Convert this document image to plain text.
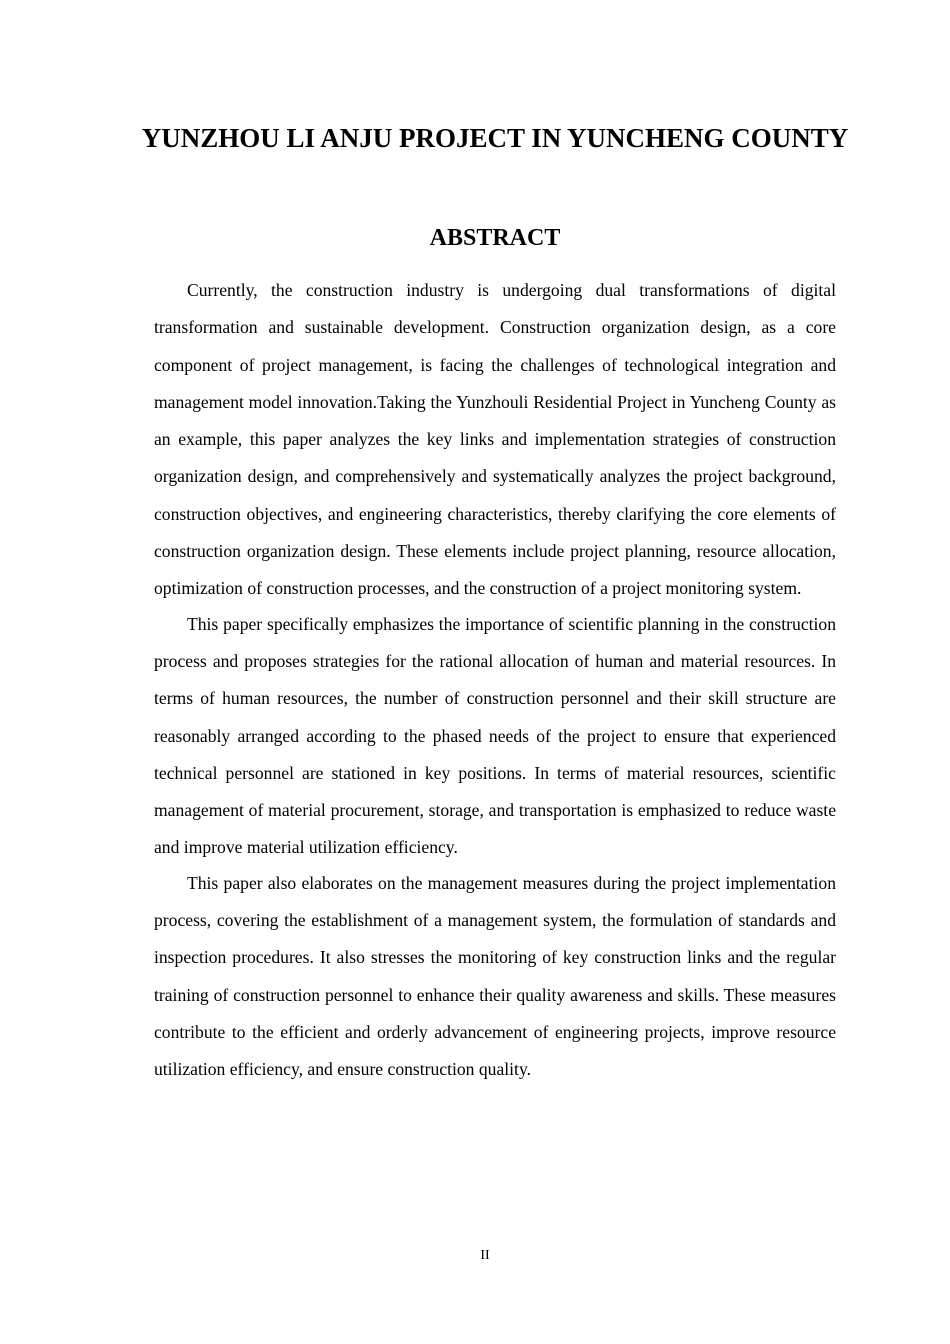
YUNZHOU LI ANJU PROJECT IN YUNCHENG COUNTY
ABSTRACT

Currently, the construction industry is undergoing dual transformations of digital transformation and sustainable development. Construction organization design, as a core component of project management, is facing the challenges of technological integration and management model innovation.Taking the Yunzhouli Residential Project in Yuncheng County as an example, this paper analyzes the key links and implementation strategies of construction organization design, and comprehensively and systematically analyzes the project background, construction objectives, and engineering characteristics, thereby clarifying the core elements of construction organization design. These elements include project planning, resource allocation, optimization of construction processes, and the construction of a project monitoring system.

This paper specifically emphasizes the importance of scientific planning in the construction process and proposes strategies for the rational allocation of human and material resources. In terms of human resources, the number of construction personnel and their skill structure are reasonably arranged according to the phased needs of the project to ensure that experienced technical personnel are stationed in key positions. In terms of material resources, scientific management of material procurement, storage, and transportation is emphasized to reduce waste and improve material utilization efficiency.

This paper also elaborates on the management measures during the project implementation process, covering the establishment of a management system, the formulation of standards and inspection procedures. It also stresses the monitoring of key construction links and the regular training of construction personnel to enhance their quality awareness and skills. These measures contribute to the efficient and orderly advancement of engineering projects, improve resource utilization efficiency, and ensure construction quality.

II
